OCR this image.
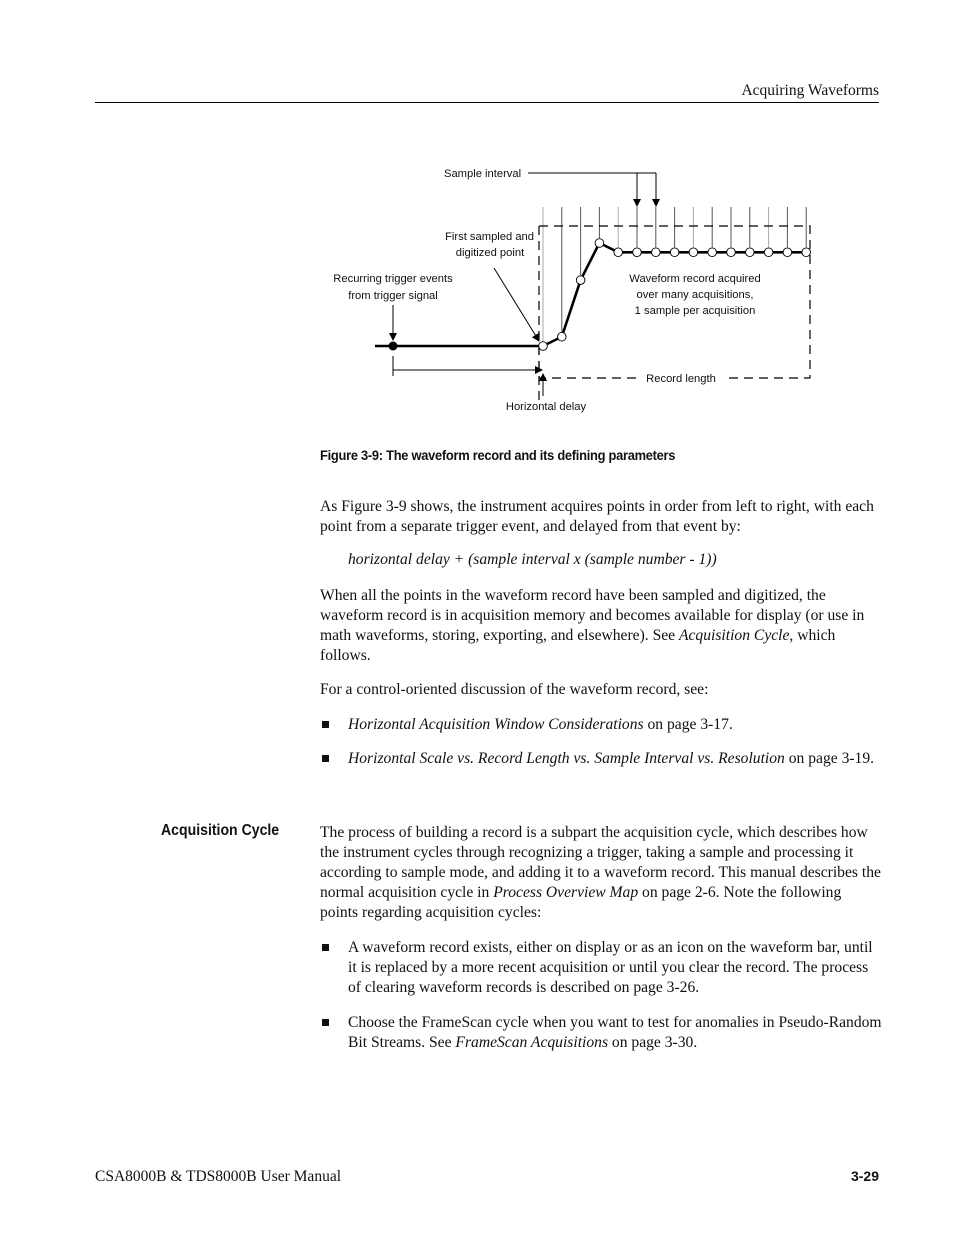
Acquiring Waveforms
Sample interval
First sampled and
digitized point
Recurring trigger events
from trigger signal
Waveform record acquired
over many acquisitions,
1 sample per acquisition
Record length
Horizontal delay
Figure 3-9: The waveform record and its defining parameters
As Figure 3-9 shows, the instrument acquires points in order from left to right, with each point from a separate trigger event, and delayed from that event by:
horizontal delay + (sample interval x (sample number - 1))
When all the points in the waveform record have been sampled and digitized, the waveform record is in acquisition memory and becomes available for display (or use in math waveforms, storing, exporting, and elsewhere). See Acquisition Cycle, which follows.
For a control-oriented discussion of the waveform record, see:
Horizontal Acquisition Window Considerations on page 3-17.
Horizontal Scale vs. Record Length vs. Sample Interval vs. Resolution on page 3-19.
Acquisition Cycle	The process of building a record is a subpart the acquisition cycle, which describes how the instrument cycles through recognizing a trigger, taking a sample and processing it according to sample mode, and adding it to a waveform record. This manual describes the normal acquisition cycle in Process Overview Map on page 2-6. Note the following points regarding acquisition cycles:
A waveform record exists, either on display or as an icon on the waveform bar, until it is replaced by a more recent acquisition or until you clear the record. The process of clearing waveform records is described on page 3-26.
Choose the FrameScan cycle when you want to test for anomalies in Pseudo-Random Bit Streams. See FrameScan Acquisitions on page 3-30.
CSA8000B & TDS8000B User Manual	3-29
